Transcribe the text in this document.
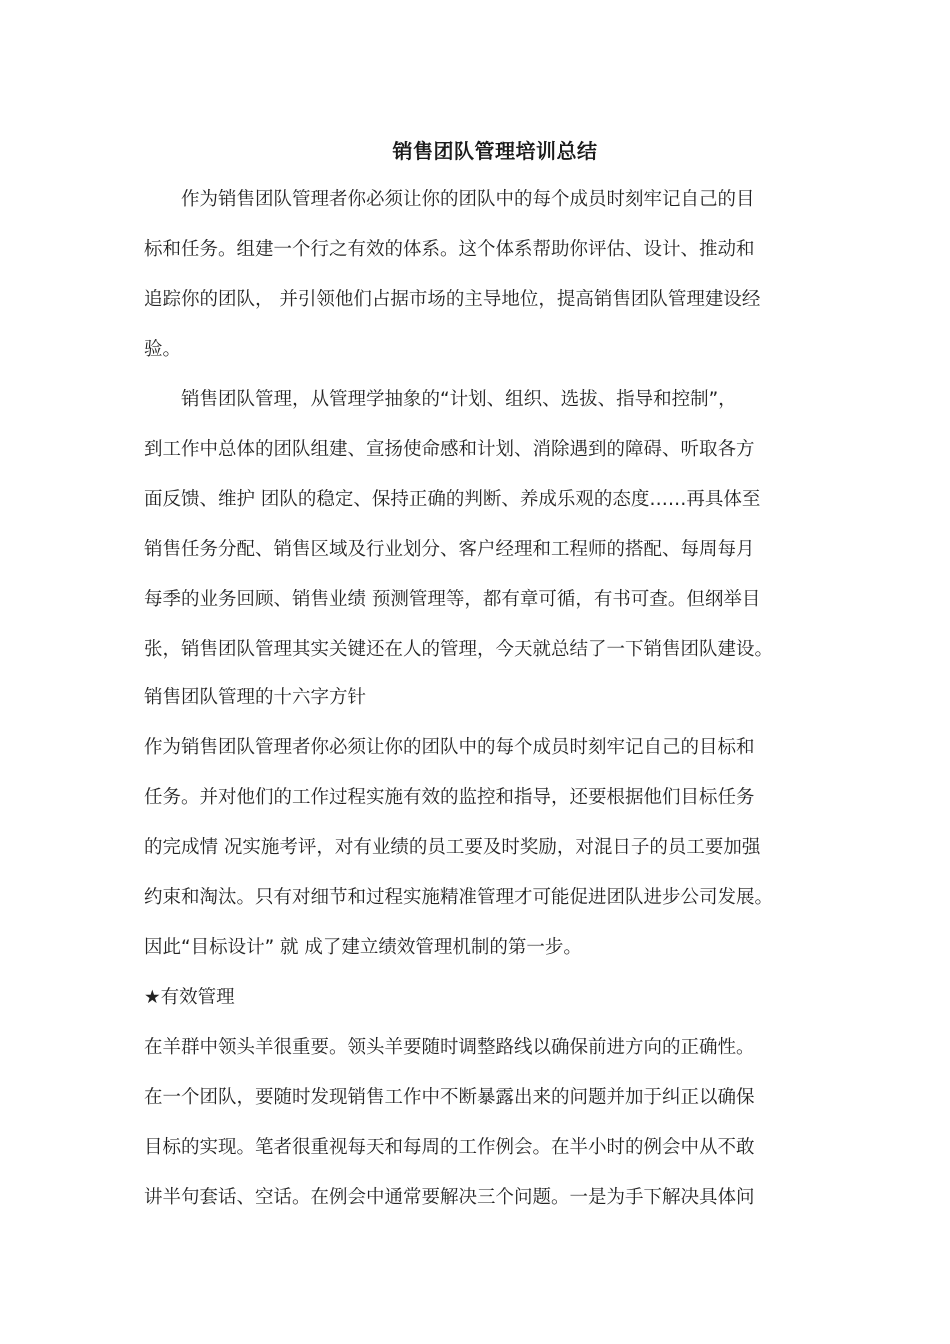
销售团队管理培训总结
作为销售团队管理者你必须让你的团队中的每个成员时刻牢记自己的目
标和任务。组建一个行之有效的体系。这个体系帮助你评估、设计、推动和
追踪你的团队， 并引领他们占据市场的主导地位，提高销售团队管理建设经
验。
销售团队管理，从管理学抽象的“计划、组织、选拔、指导和控制”，
到工作中总体的团队组建、宣扬使命感和计划、消除遇到的障碍、听取各方
面反馈、维护 团队的稳定、保持正确的判断、养成乐观的态度……再具体至
销售任务分配、销售区域及行业划分、客户经理和工程师的搭配、每周每月
每季的业务回顾、销售业绩 预测管理等，都有章可循，有书可查。但纲举目
张，销售团队管理其实关键还在人的管理，今天就总结了一下销售团队建设。
销售团队管理的十六字方针
作为销售团队管理者你必须让你的团队中的每个成员时刻牢记自己的目标和
任务。并对他们的工作过程实施有效的监控和指导，还要根据他们目标任务
的完成情 况实施考评，对有业绩的员工要及时奖励，对混日子的员工要加强
约束和淘汰。只有对细节和过程实施精准管理才可能促进团队进步公司发展。
因此“目标设计” 就 成了建立绩效管理机制的第一步。
★有效管理
在羊群中领头羊很重要。领头羊要随时调整路线以确保前进方向的正确性。
在一个团队，要随时发现销售工作中不断暴露出来的问题并加于纠正以确保
目标的实现。笔者很重视每天和每周的工作例会。在半小时的例会中从不敢
讲半句套话、空话。在例会中通常要解决三个问题。一是为手下解决具体问
